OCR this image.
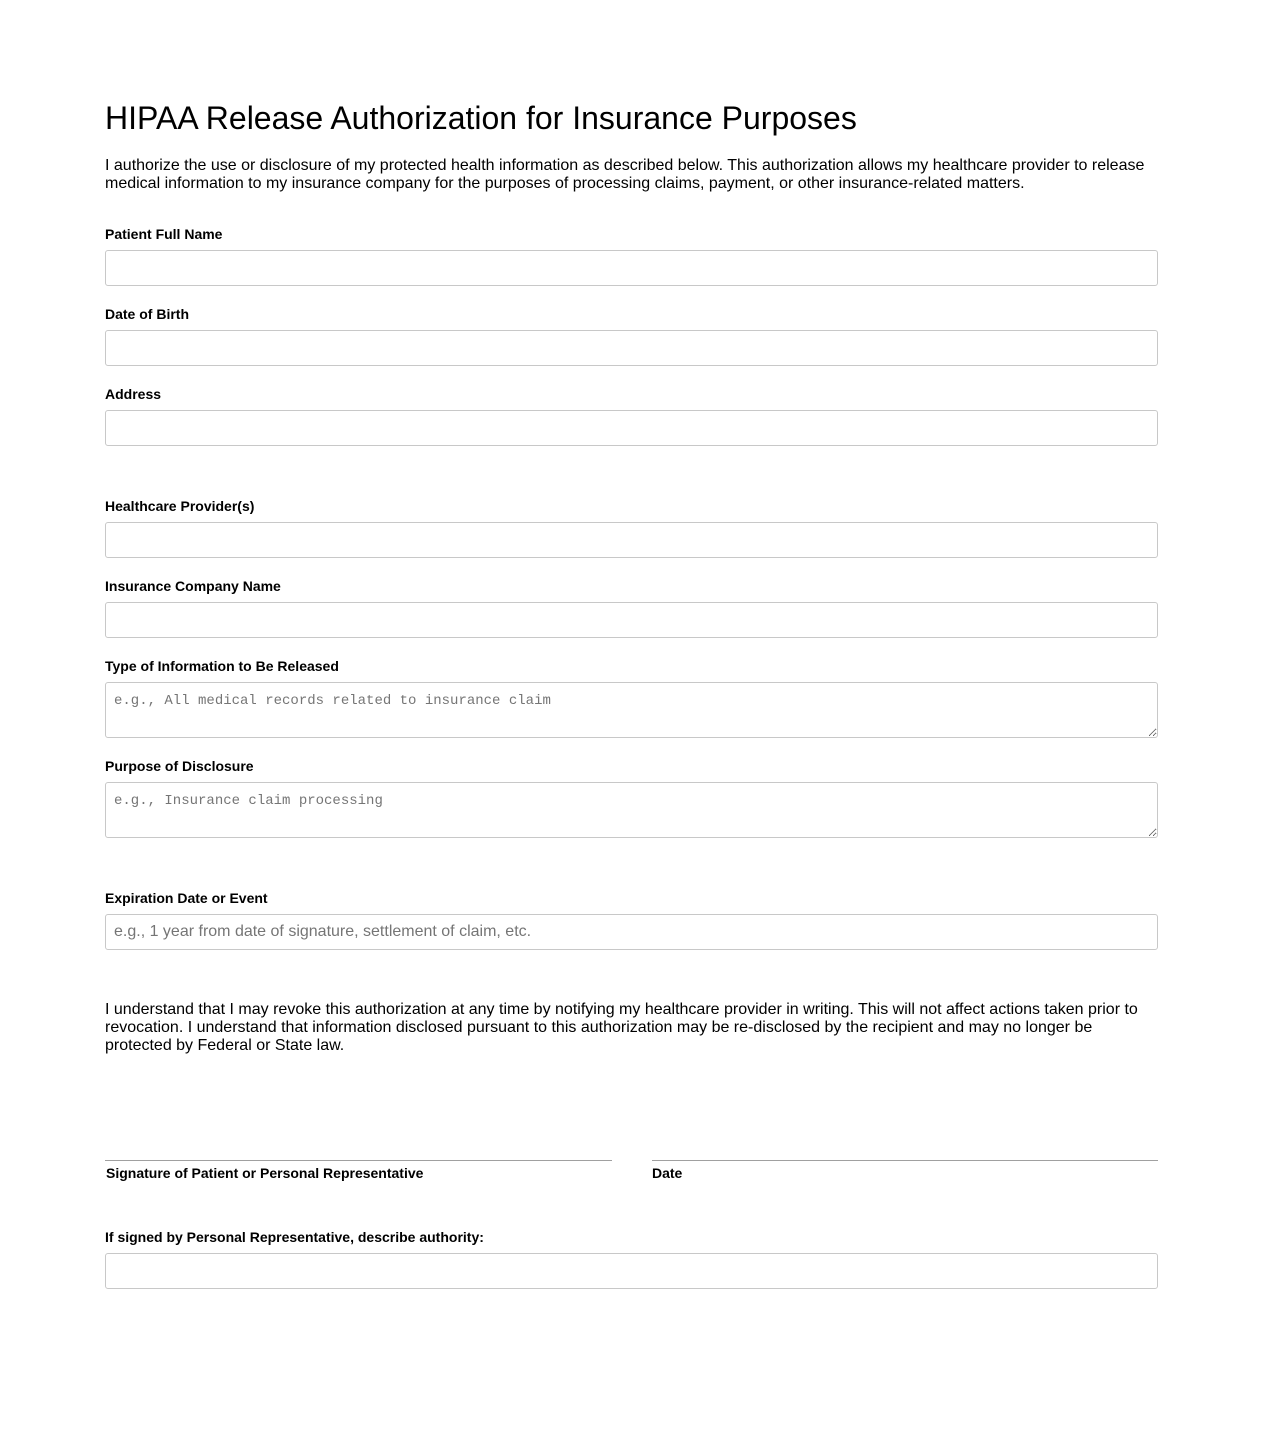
HIPAA Release Authorization for Insurance Purposes

I authorize the use or disclosure of my protected health information as described below. This authorization allows my healthcare provider to release medical information to my insurance company for the purposes of processing claims, payment, or other insurance-related matters.

Patient Full Name
Date of Birth
Address
Healthcare Provider(s)
Insurance Company Name
Type of Information to Be Released
e.g., All medical records related to insurance claim
Purpose of Disclosure
e.g., Insurance claim processing
Expiration Date or Event
e.g., 1 year from date of signature, settlement of claim, etc.

I understand that I may revoke this authorization at any time by notifying my healthcare provider in writing. This will not affect actions taken prior to revocation. I understand that information disclosed pursuant to this authorization may be re-disclosed by the recipient and may no longer be protected by Federal or State law.

Signature of Patient or Personal Representative	Date
If signed by Personal Representative, describe authority:
